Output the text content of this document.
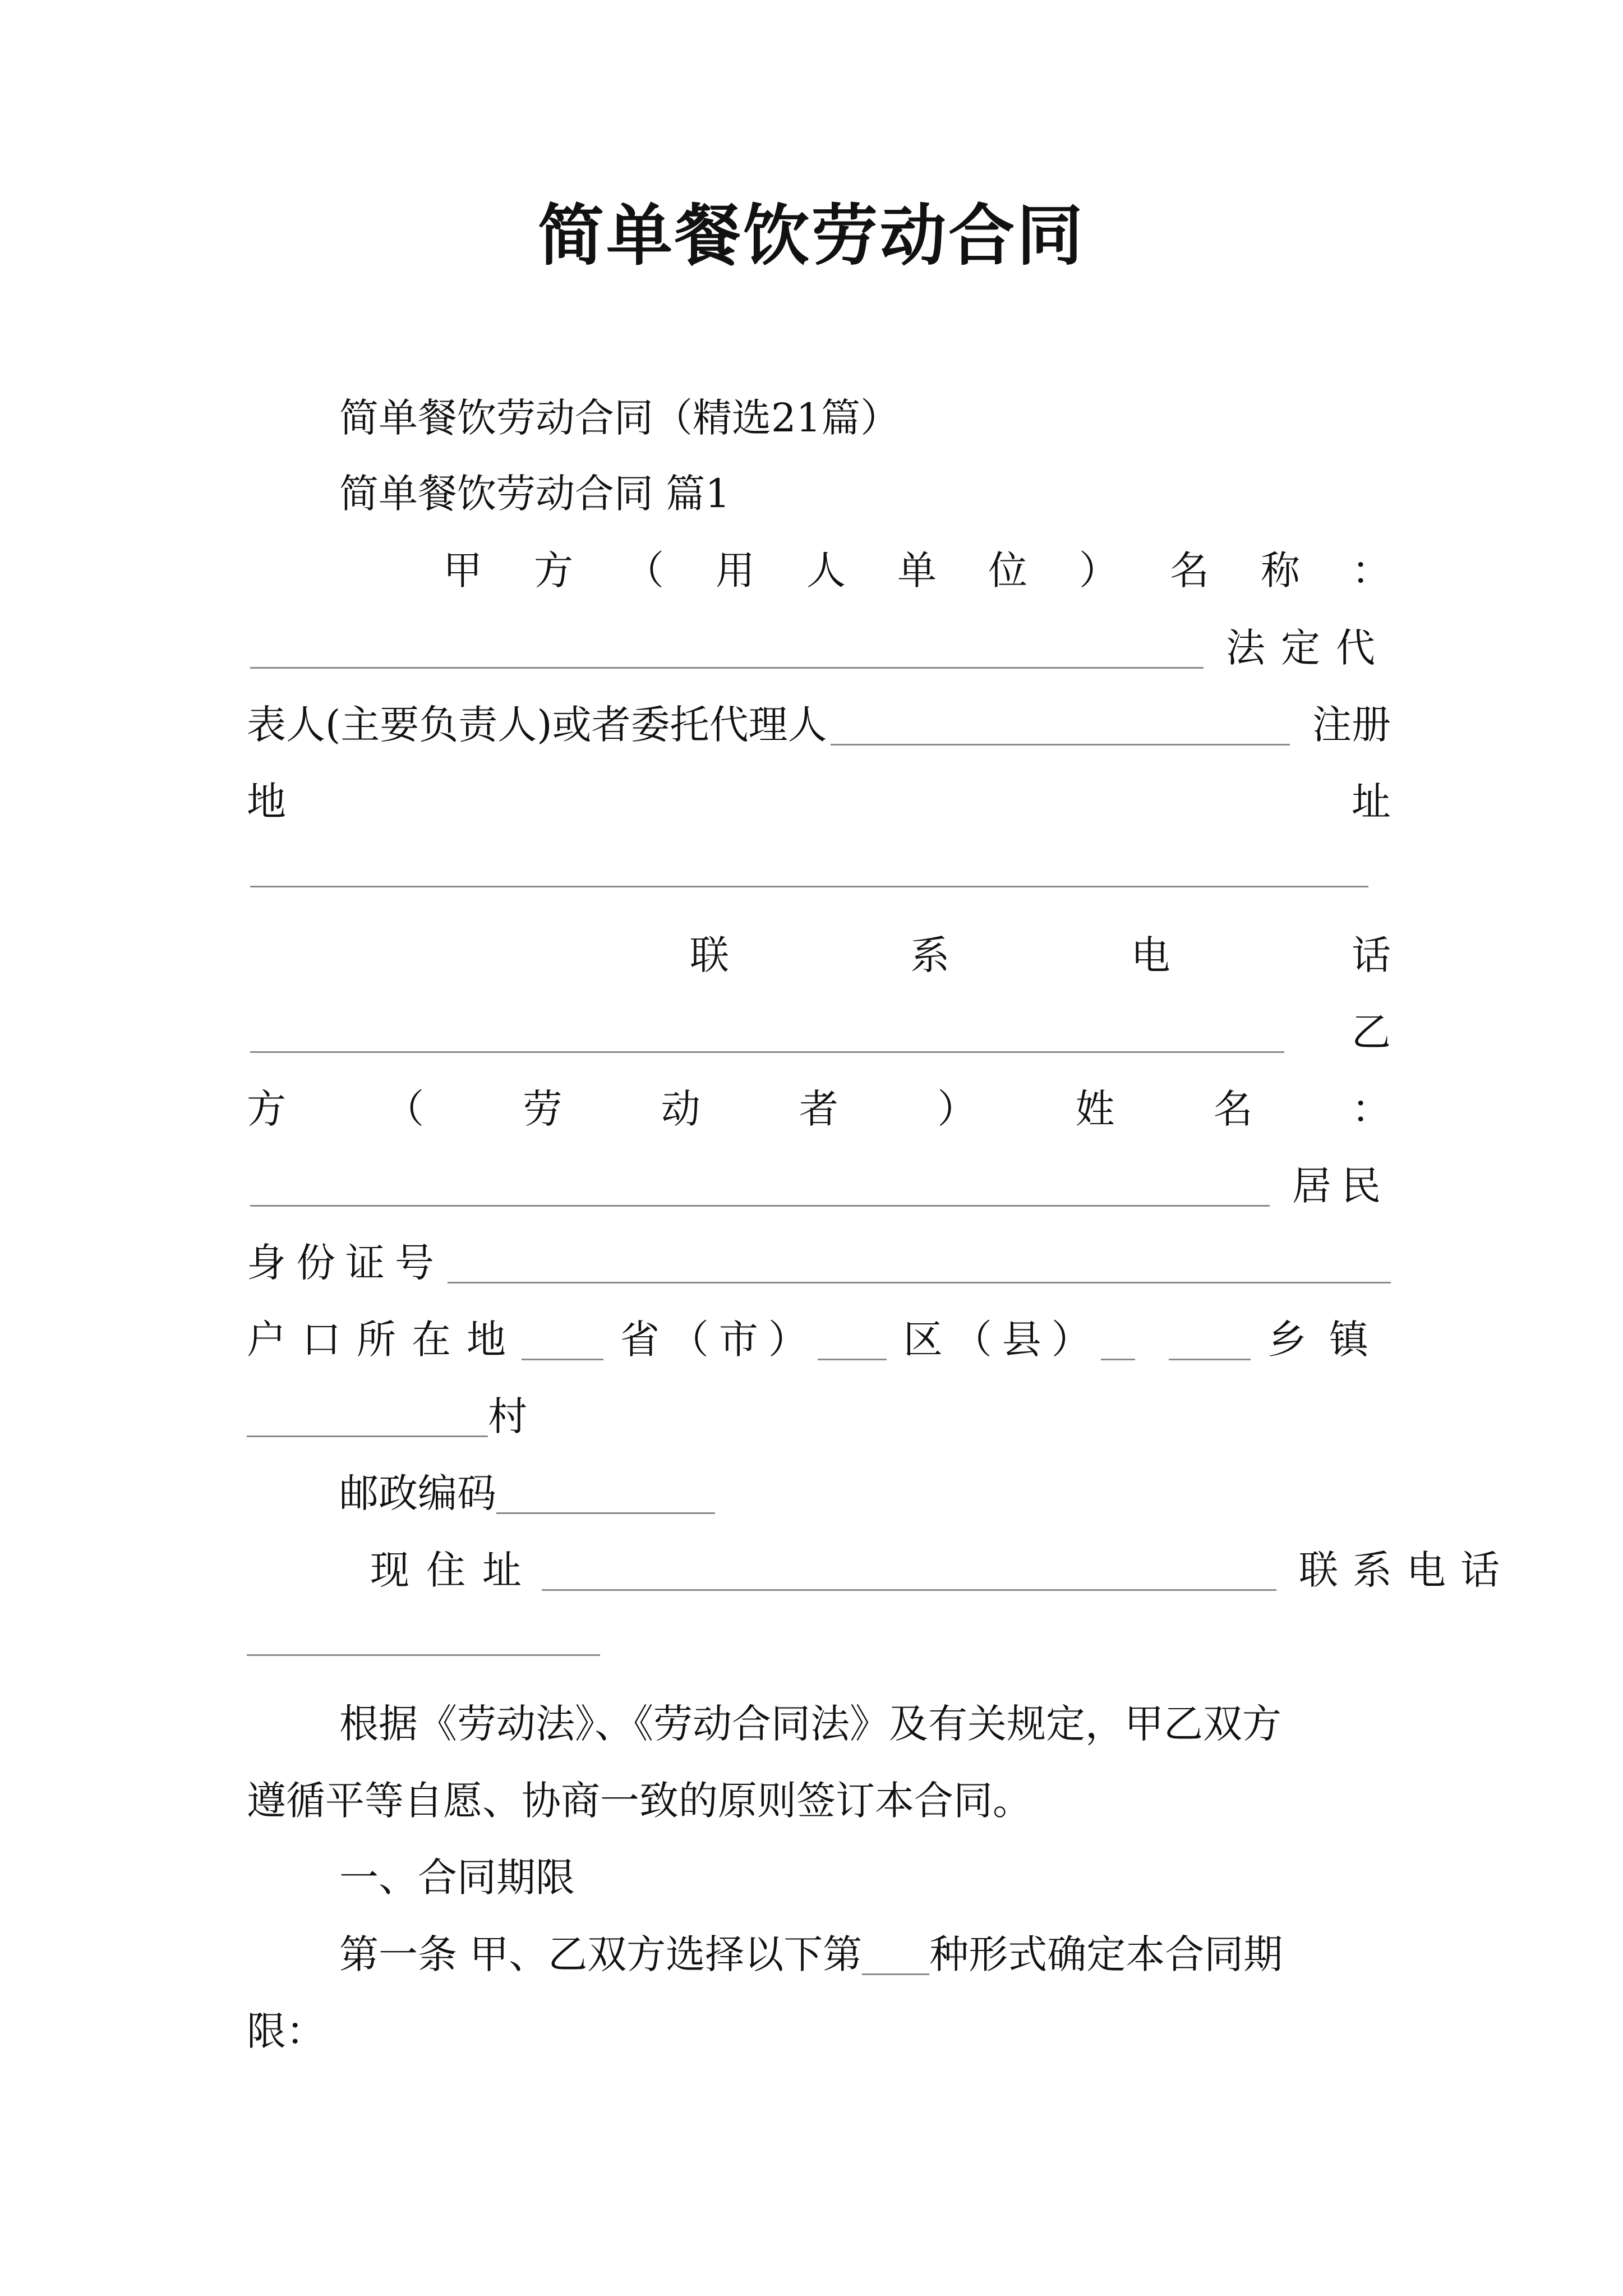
简单餐饮劳动合同
简单餐饮劳动合同（精选21篇）
简单餐饮劳动合同 篇1
甲 方 （ 用 人 单 位 ） 名 称 ：
法定代
表人(主要负责人)或者委托代理人	注册
地	址
联	系	电	话
乙
方	（	劳	动	者	）	姓	名	：
居民
身份证号
户口所在地	省（市） 区（县）	乡镇
村
邮政编码
现住址	联系电话
根据《劳动法》、《劳动合同法》及有关规定，甲乙双方
遵循平等自愿、协商一致的原则签订本合同。
一、合同期限
第一条 甲、乙双方选择以下第 种形式确定本合同期
限：
